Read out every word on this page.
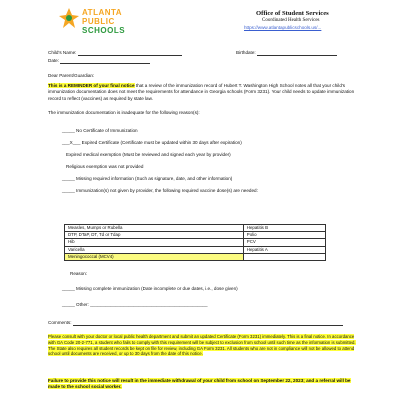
ATLANTA
PUBLIC
SCHOOLS
Office of Student Services
Coordinated Health Services
https://www.atlantapublicschools.us/...
Child's Name:	Birthdate:
Date:
Dear Parent/Guardian:
This is a REMINDER of your final notice that a review of the immunization record of Hubert T. Washington High School notes all that your child's immunization documentation does not meet the requirements for attendance in Georgia schools (Form 3231). Your child needs to update immunization record to reflect (vaccines) as required by state law.
The immunization documentation is inadequate for the following reason(s):
_____ No Certificate of Immunization
___X___ Expired Certificate (Certificate must be updated within 30 days after expiration)
Expired medical exemption (Must be reviewed and signed each year by provider)
Religious exemption was not provided
_____ Missing required information (Such as signature, date, and other information)
_____ Immunization(s) not given by provider, the following required vaccine dose(s) are needed:
Measles, Mumps or Rubella	Hepatitis B
DTP, DTaP, DT, Td or Tdap	Polio
Hib	PCV
Varicella	Hepatitis A
Meningococcal (MCV4)	
Reason:
_____ Missing complete immunization (Date incomplete or due dates, i.e., dose given)
_____ Other: ______________________________________________
Comments:
Please consult with your doctor or local public health department and submit an updated Certificate (Form 3231) immediately. This is a final notice. In accordance with GA Code 20-2-771, a student who fails to comply with this requirement will be subject to exclusion from school until such time as the information is submitted. The State also requires all student records be kept on file for review, including GA Form 3231. All students who are not in compliance will not be allowed to attend school until documents are received, or up to 30 days from the date of this notice.
Failure to provide this notice will result in the immediate withdrawal of your child from school on September 22, 2023; and a referral will be made to the school social worker.
